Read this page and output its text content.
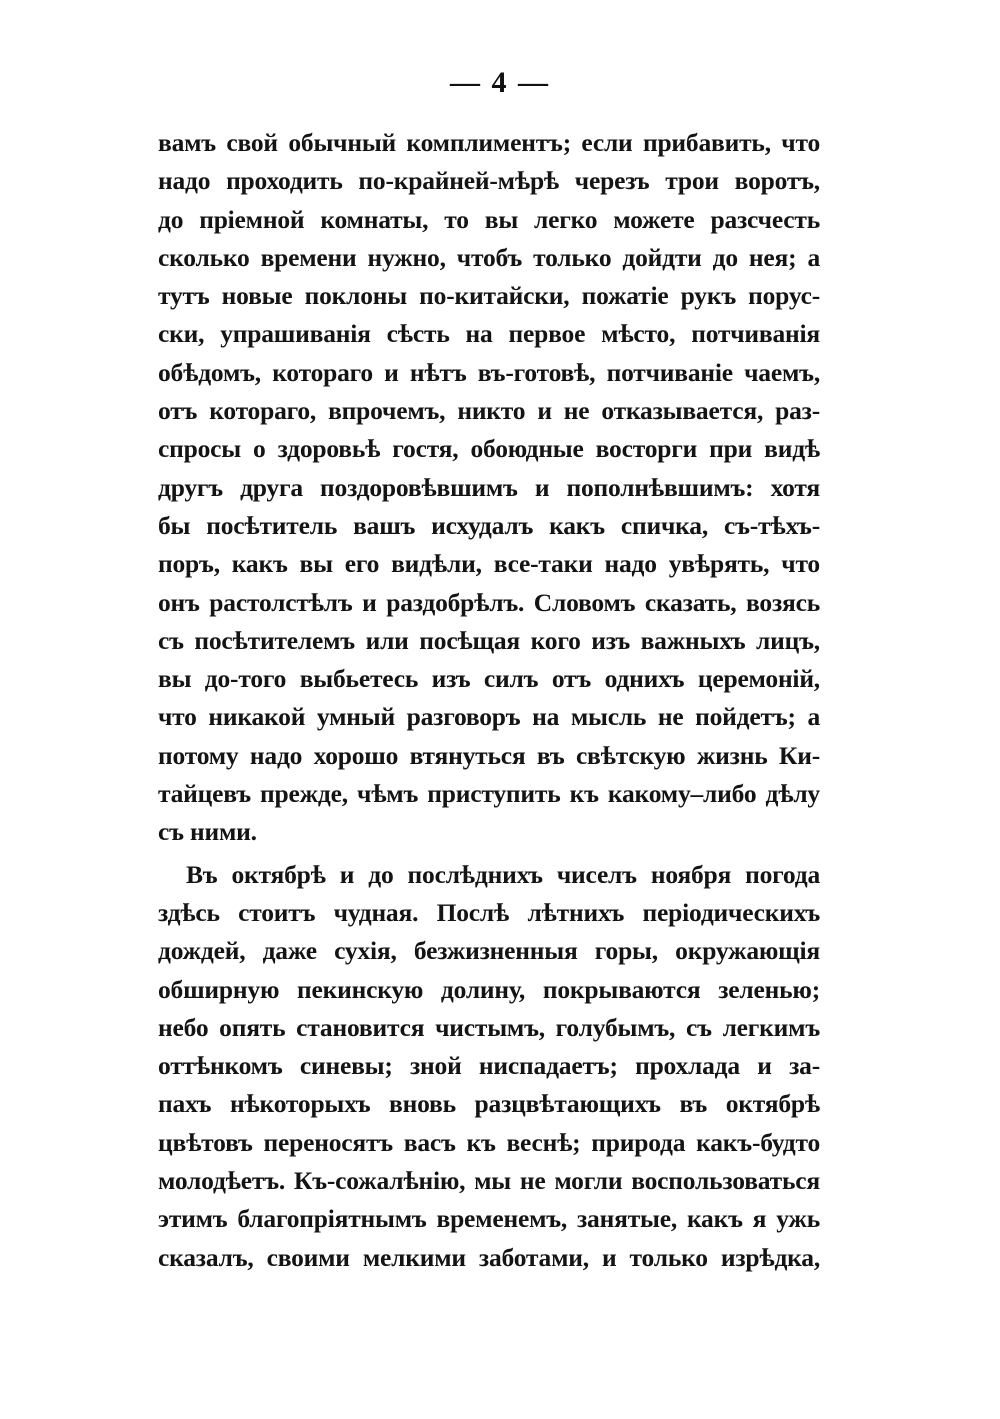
— 4 —
вамъ свой обычный комплиментъ; если прибавить, что
надо проходить по-крайней-мѣрѣ черезъ трои воротъ,
до прiемной комнаты, то вы легко можете разсчесть
сколько времени нужно, чтобъ только дойдти до нея; а
тутъ новые поклоны по-китайски, пожатiе рукъ порус-
ски, упрашиванiя сѣсть на первое мѣсто, потчиванiя
обѣдомъ, котораго и нѣтъ въ-готовѣ, потчиванiе чаемъ,
отъ котораго, впрочемъ, никто и не отказывается, раз-
спросы о здоровьѣ гостя, обоюдные восторги при видѣ
другъ друга поздоровѣвшимъ и пополнѣвшимъ: хотя
бы посѣтитель вашъ исхудалъ какъ спичка, съ-тѣхъ-
поръ, какъ вы его видѣли, все-таки надо увѣрять, что
онъ растолстѣлъ и раздобрѣлъ. Словомъ сказать, возясь
съ посѣтителемъ или посѣщая кого изъ важныхъ лицъ,
вы до-того выбьетесь изъ силъ отъ однихъ церемонiй,
что никакой умный разговоръ на мысль не пойдетъ; а
потому надо хорошо втянуться въ свѣтскую жизнь Ки-
тайцевъ прежде, чѣмъ приступить къ какому–либо дѣлу
съ ними.
Въ октябрѣ и до послѣднихъ чиселъ ноября погода
здѣсь стоитъ чудная. Послѣ лѣтнихъ перiодическихъ
дождей, даже сухiя, безжизненныя горы, окружающiя
обширную пекинскую долину, покрываются зеленью;
небо опять становится чистымъ, голубымъ, съ легкимъ
оттѣнкомъ синевы; зной ниспадаетъ; прохлада и за-
пахъ нѣкоторыхъ вновь разцвѣтающихъ въ октябрѣ
цвѣтовъ переносятъ васъ къ веснѣ; природа какъ-будто
молодѣетъ. Къ-сожалѣнiю, мы не могли воспользоваться
этимъ благопрiятнымъ временемъ, занятые, какъ я ужь
сказалъ, своими мелкими заботами, и только изрѣдка,
